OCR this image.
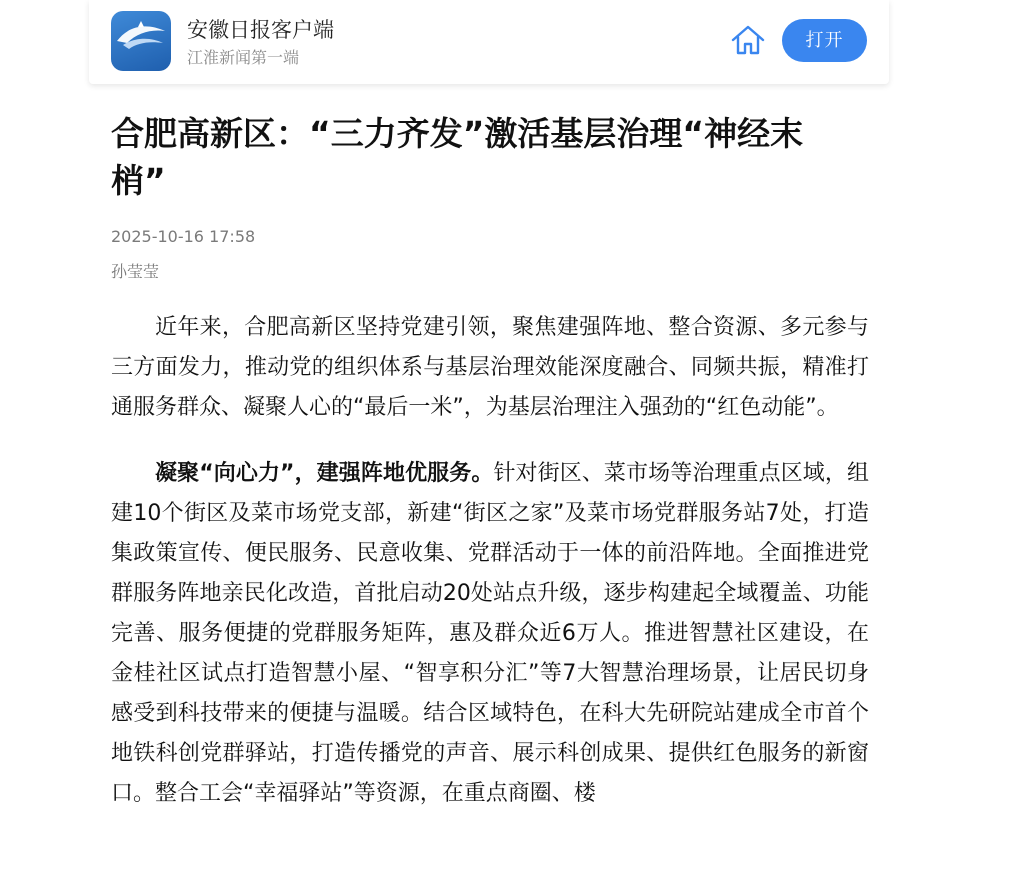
安徽日报客户端
江淮新闻第一端
打开
合肥高新区：“三力齐发”激活基层治理“神经末梢”
2025-10-16 17:58
孙莹莹

近年来，合肥高新区坚持党建引领，聚焦建强阵地、整合资源、多元参与三方面发力，推动党的组织体系与基层治理效能深度融合、同频共振，精准打通服务群众、凝聚人心的“最后一米”，为基层治理注入强劲的“红色动能”。

凝聚“向心力”，建强阵地优服务。针对街区、菜市场等治理重点区域，组建10个街区及菜市场党支部，新建“街区之家”及菜市场党群服务站7处，打造集政策宣传、便民服务、民意收集、党群活动于一体的前沿阵地。全面推进党群服务阵地亲民化改造，首批启动20处站点升级，逐步构建起全域覆盖、功能完善、服务便捷的党群服务矩阵，惠及群众近6万人。推进智慧社区建设，在金桂社区试点打造智慧小屋、“智享积分汇”等7大智慧治理场景，让居民切身感受到科技带来的便捷与温暖。结合区域特色，在科大先研院站建成全市首个地铁科创党群驿站，打造传播党的声音、展示科创成果、提供红色服务的新窗口。整合工会“幸福驿站”等资源，在重点商圈、楼
